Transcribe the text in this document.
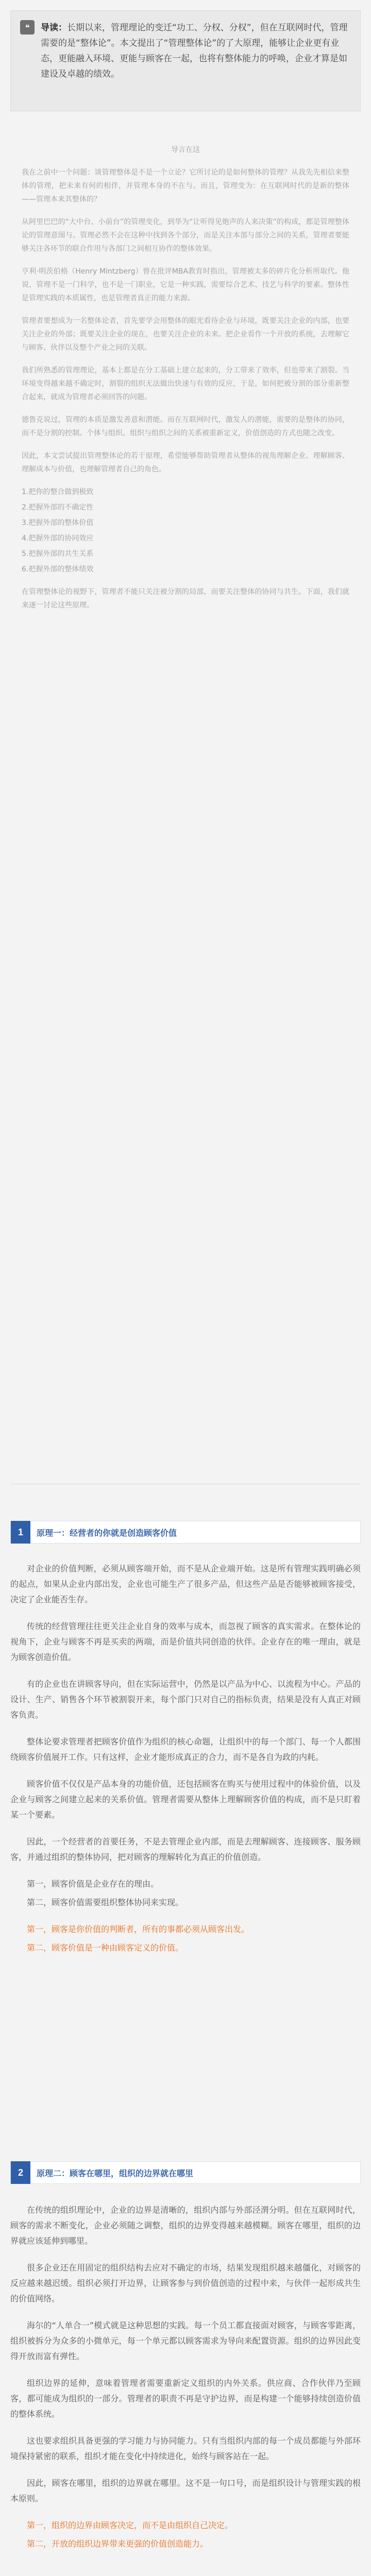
❝	导读：长期以来，管理理论的变迁“功工、分权、分权”，但在互联网时代，管理需要的是“整体论”。本文提出了“管理整体论”的了大原理，能够让企业更有业态，更能融入环境、更能与顾客在一起，也将有整体能力的呼唤，企业才算是如建设及卓越的绩效。

导言在这

我在之前中一个问题：谈管理整体是不是一个立论？它所讨论的是如何整体的管理？从我先先相信来整体的管理，把未来有何的相伴，并管理本身的不在与。而且，管理变为：在互联网时代的是新的整体——管理本来其整体的？

从阿里巴巴的“大中台、小前台”的管理变化，到华为“让听得见炮声的人来决策”的构成，都是管理整体论的管理意图与。管理必然不会在这种中找到各个部分，而是关注本部与部分之间的关系，管理者要能够关注各环节的联合作用与各部门之间相互协作的整体效果。

亨利·明茨伯格（Henry Mintzberg）曾在批评MBA教育时指出，管理被太多的碎片化分析所取代。他说，管理不是一门科学，也不是一门职业，它是一种实践，需要综合艺术、技艺与科学的要素。整体性是管理实践的本质属性，也是管理者真正的能力来源。

管理者要想成为一名整体论者，首先要学会用整体的眼光看待企业与环境，既要关注企业的内部，也要关注企业的外部；既要关注企业的现在，也要关注企业的未来。把企业看作一个开放的系统，去理解它与顾客、伙伴以及整个产业之间的关联。

我们所熟悉的管理理论，基本上都是在分工基础上建立起来的，分工带来了效率，但也带来了割裂。当环境变得越来越不确定时，割裂的组织无法做出快速与有效的反应，于是，如何把被分割的部分重新整合起来，就成为管理者必须回答的问题。

德鲁克说过，管理的本质是激发善意和潜能。而在互联网时代，激发人的潜能，需要的是整体的协同，而不是分割的控制。个体与组织、组织与组织之间的关系被重新定义，价值创造的方式也随之改变。

因此，本文尝试提出管理整体论的若干原理，希望能够帮助管理者从整体的视角理解企业、理解顾客、理解成本与价值，也理解管理者自己的角色。

1.把你的整合做到极致

2.把握外部的不确定性

3.把握外部的整体价值

4.把握外部的协同效应

5.把握外部的共生关系

6.把握外部的整体绩效

在管理整体论的视野下，管理者不能只关注被分割的局部，而要关注整体的协同与共生。下面，我们就来逐一讨论这些原理。

1	原理一：经营者的你就是创造顾客价值

对企业的价值判断，必须从顾客端开始，而不是从企业端开始。这是所有管理实践明确必须的起点，如果从企业内部出发，企业也可能生产了很多产品，但这些产品是否能够被顾客接受，决定了企业能否生存。

传统的经营管理往往更关注企业自身的效率与成本，而忽视了顾客的真实需求。在整体论的视角下，企业与顾客不再是买卖的两端，而是价值共同创造的伙伴。企业存在的唯一理由，就是为顾客创造价值。

有的企业也在讲顾客导向，但在实际运营中，仍然是以产品为中心、以流程为中心。产品的设计、生产、销售各个环节被割裂开来，每个部门只对自己的指标负责，结果是没有人真正对顾客负责。

整体论要求管理者把顾客价值作为组织的核心命题，让组织中的每一个部门、每一个人都围绕顾客价值展开工作。只有这样，企业才能形成真正的合力，而不是各自为政的内耗。

顾客价值不仅仅是产品本身的功能价值，还包括顾客在购买与使用过程中的体验价值，以及企业与顾客之间建立起来的关系价值。管理者需要从整体上理解顾客价值的构成，而不是只盯着某一个要素。

因此，一个经营者的首要任务，不是去管理企业内部，而是去理解顾客、连接顾客、服务顾客，并通过组织的整体协同，把对顾客的理解转化为真正的价值创造。

第一，顾客价值是企业存在的理由。

第二，顾客价值需要组织整体协同来实现。

第一，顾客是你价值的判断者，所有的事都必须从顾客出发。

第二，顾客价值是一种由顾客定义的价值。

2	原理二：顾客在哪里，组织的边界就在哪里

在传统的组织理论中，企业的边界是清晰的，组织内部与外部泾渭分明。但在互联网时代，顾客的需求不断变化，企业必须随之调整，组织的边界变得越来越模糊。顾客在哪里，组织的边界就应该延伸到哪里。

很多企业还在用固定的组织结构去应对不确定的市场，结果发现组织越来越僵化，对顾客的反应越来越迟缓。组织必须打开边界，让顾客参与到价值创造的过程中来，与伙伴一起形成共生的价值网络。

海尔的“人单合一”模式就是这种思想的实践。每一个员工都直接面对顾客，与顾客零距离，组织被拆分为众多的小微单元，每一个单元都以顾客需求为导向来配置资源。组织的边界因此变得开放而富有弹性。

组织边界的延伸，意味着管理者需要重新定义组织的内外关系。供应商、合作伙伴乃至顾客，都可能成为组织的一部分。管理者的职责不再是守护边界，而是构建一个能够持续创造价值的整体系统。

这也要求组织具备更强的学习能力与协同能力。只有当组织内部的每一个成员都能与外部环境保持紧密的联系，组织才能在变化中持续进化，始终与顾客站在一起。

因此，顾客在哪里，组织的边界就在哪里。这不是一句口号，而是组织设计与管理实践的根本原则。

第一，组织的边界由顾客决定，而不是由组织自己决定。

第二，开放的组织边界带来更强的价值创造能力。
